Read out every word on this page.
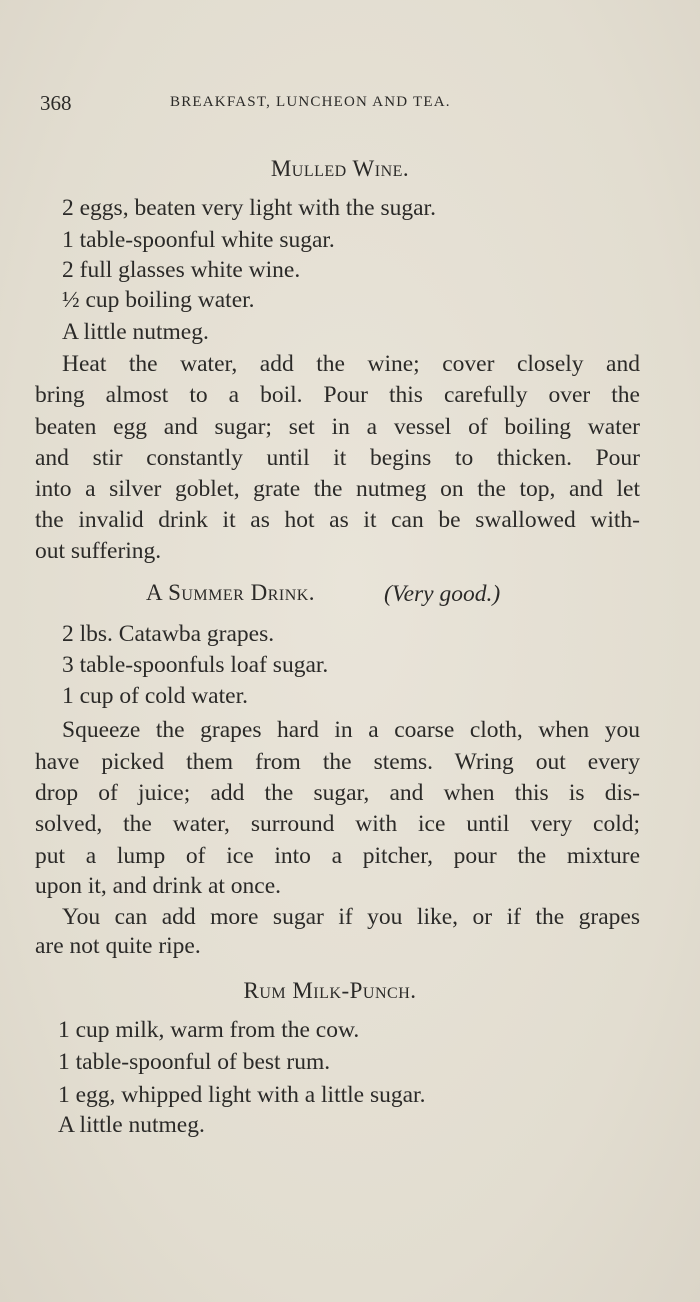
368	BREAKFAST, LUNCHEON AND TEA.
Mulled Wine.
2 eggs, beaten very light with the sugar.
1 table-spoonful white sugar.
2 full glasses white wine.
½ cup boiling water.
A little nutmeg.
Heat the water, add the wine; cover closely and
bring almost to a boil. Pour this carefully over the
beaten egg and sugar; set in a vessel of boiling water
and stir constantly until it begins to thicken. Pour
into a silver goblet, grate the nutmeg on the top, and let
the invalid drink it as hot as it can be swallowed with-
out suffering.
A Summer Drink.	(Very good.)
2 lbs. Catawba grapes.
3 table-spoonfuls loaf sugar.
1 cup of cold water.
Squeeze the grapes hard in a coarse cloth, when you
have picked them from the stems. Wring out every
drop of juice; add the sugar, and when this is dis-
solved, the water, surround with ice until very cold;
put a lump of ice into a pitcher, pour the mixture
upon it, and drink at once.
You can add more sugar if you like, or if the grapes
are not quite ripe.
Rum Milk-Punch.
1 cup milk, warm from the cow.
1 table-spoonful of best rum.
1 egg, whipped light with a little sugar.
A little nutmeg.
